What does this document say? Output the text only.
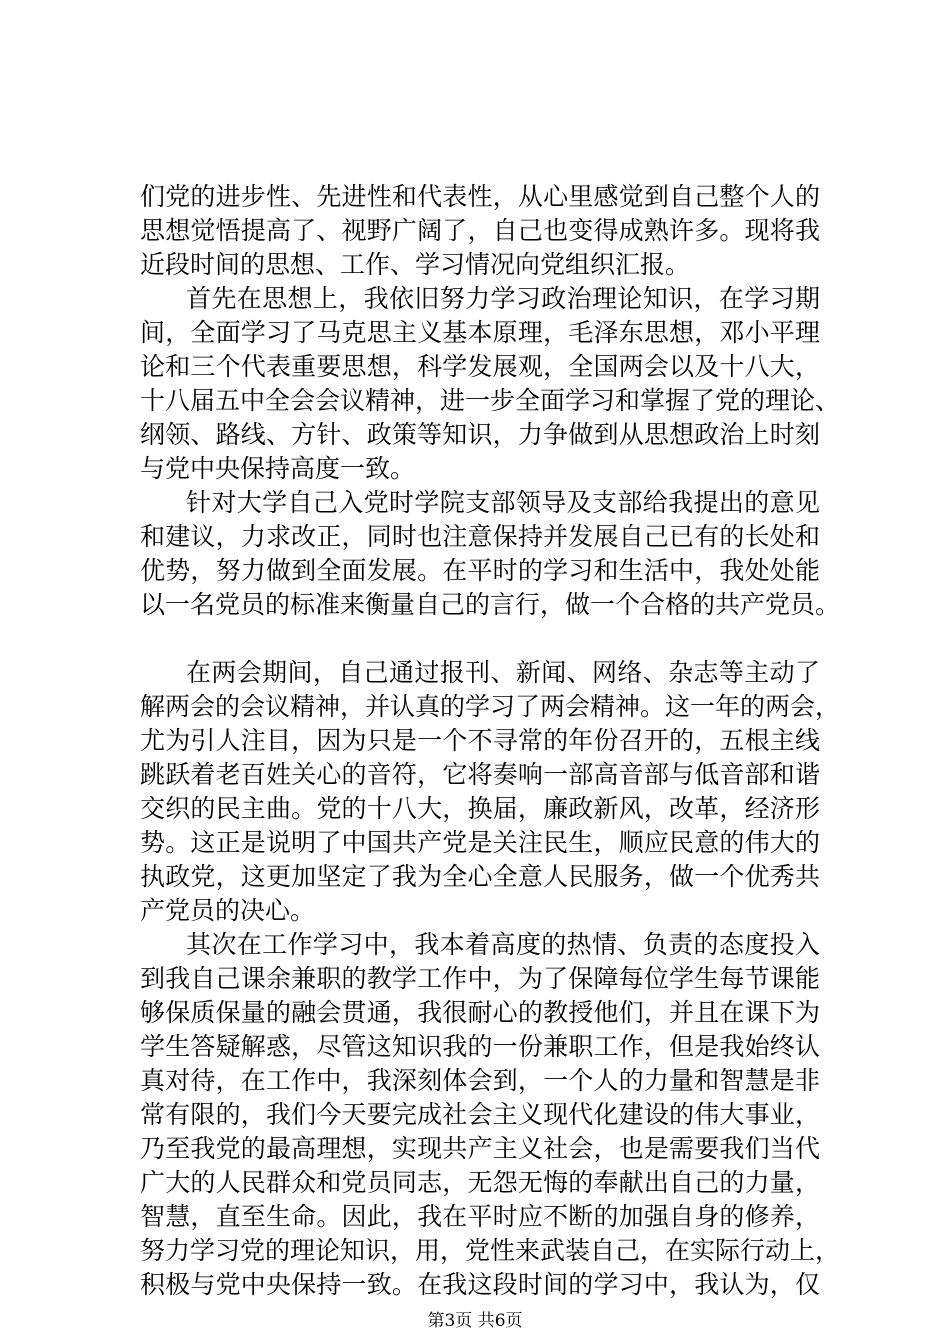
们党的进步性、先进性和代表性，从心里感觉到自己整个人的
思想觉悟提高了、视野广阔了，自己也变得成熟许多。现将我
近段时间的思想、工作、学习情况向党组织汇报。
首先在思想上，我依旧努力学习政治理论知识，在学习期
间，全面学习了马克思主义基本原理，毛泽东思想，邓小平理
论和三个代表重要思想，科学发展观，全国两会以及十八大，
十八届五中全会会议精神，进一步全面学习和掌握了党的理论、
纲领、路线、方针、政策等知识，力争做到从思想政治上时刻
与党中央保持高度一致。
针对大学自己入党时学院支部领导及支部给我提出的意见
和建议，力求改正，同时也注意保持并发展自己已有的长处和
优势，努力做到全面发展。在平时的学习和生活中，我处处能
以一名党员的标准来衡量自己的言行，做一个合格的共产党员。
在两会期间，自己通过报刊、新闻、网络、杂志等主动了
解两会的会议精神，并认真的学习了两会精神。这一年的两会，
尤为引人注目，因为只是一个不寻常的年份召开的，五根主线
跳跃着老百姓关心的音符，它将奏响一部高音部与低音部和谐
交织的民主曲。党的十八大，换届，廉政新风，改革，经济形
势。这正是说明了中国共产党是关注民生，顺应民意的伟大的
执政党，这更加坚定了我为全心全意人民服务，做一个优秀共
产党员的决心。
其次在工作学习中，我本着高度的热情、负责的态度投入
到我自己课余兼职的教学工作中，为了保障每位学生每节课能
够保质保量的融会贯通，我很耐心的教授他们，并且在课下为
学生答疑解惑，尽管这知识我的一份兼职工作，但是我始终认
真对待，在工作中，我深刻体会到，一个人的力量和智慧是非
常有限的，我们今天要完成社会主义现代化建设的伟大事业，
乃至我党的最高理想，实现共产主义社会，也是需要我们当代
广大的人民群众和党员同志，无怨无悔的奉献出自己的力量，
智慧，直至生命。因此，我在平时应不断的加强自身的修养，
努力学习党的理论知识，用，党性来武装自己，在实际行动上，
积极与党中央保持一致。在我这段时间的学习中，我认为，仅
第3页 共6页
